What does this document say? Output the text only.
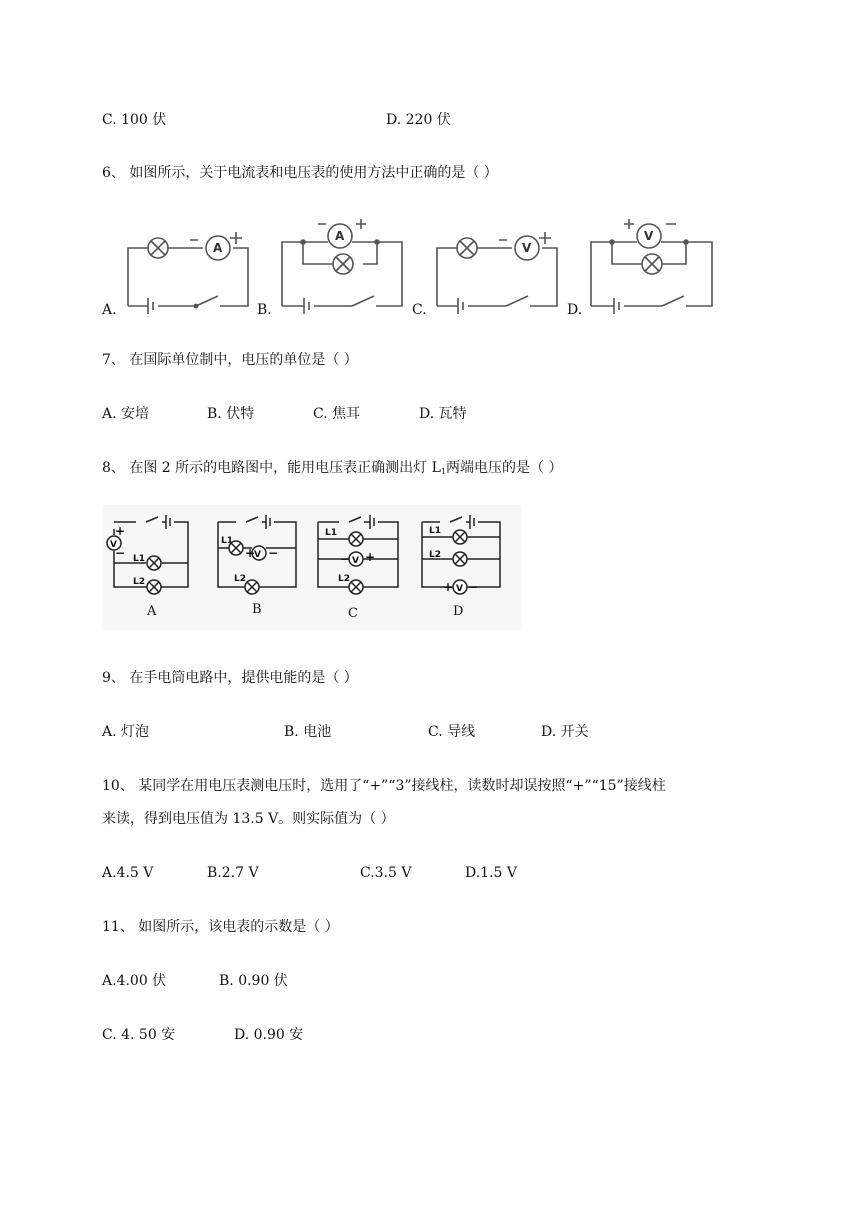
C. 100 伏	D. 220 伏
6、 如图所示，关于电流表和电压表的使用方法中正确的是（ ）
A
A
V
V
A.	B.	C.	D.
7、 在国际单位制中，电压的单位是（ ）
A. 安培	B. 伏特	C. 焦耳	D. 瓦特
8、 在图 2 所示的电路图中，能用电压表正确测出灯 $L_1$两端电压的是（ ）
V
V
V
V
L1
L2
L1
L2
L1
L2
L1
L2
+
−	+ −	− +
+ −
A	B	C	D
9、 在手电筒电路中，提供电能的是（ ）
A. 灯泡	B. 电池	C. 导线	D. 开关
10、 某同学在用电压表测电压时，选用了“+”“3”接线柱，读数时却误按照“+”“15”接线柱
来读，得到电压值为 13.5 V。则实际值为（ ）
A.4.5 V	B.2.7 V	C.3.5 V	D.1.5 V
11、 如图所示，该电表的示数是（ ）
A.4.00 伏	B. 0.90 伏
C. 4. 50 安	D. 0.90 安
